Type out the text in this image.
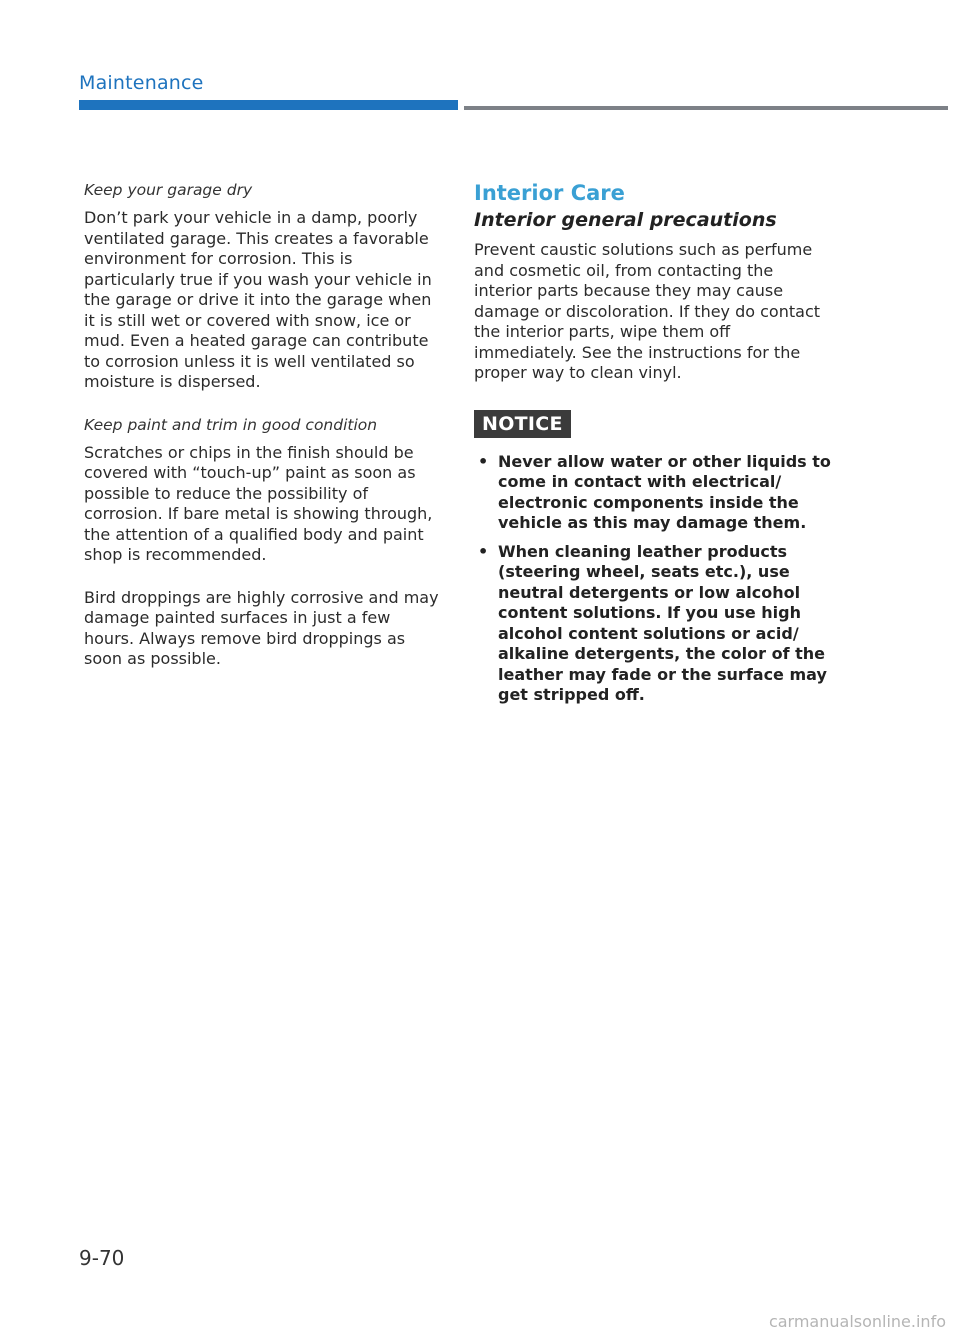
Maintenance
Keep your garage dry

Don’t park your vehicle in a damp, poorly ventilated garage. This creates a favorable environment for corrosion. This is particularly true if you wash your vehicle in the garage or drive it into the garage when it is still wet or covered with snow, ice or mud. Even a heated garage can contribute to corrosion unless it is well ventilated so moisture is dispersed.

Keep paint and trim in good condition

Scratches or chips in the finish should be covered with “touch-up” paint as soon as possible to reduce the possibility of corrosion. If bare metal is showing through, the attention of a qualified body and paint shop is recommended.

Bird droppings are highly corrosive and may damage painted surfaces in just a few hours. Always remove bird droppings as soon as possible.

Interior Care
Interior general precautions

Prevent caustic solutions such as perfume and cosmetic oil, from contacting the interior parts because they may cause damage or discoloration. If they do contact the interior parts, wipe them off immediately. See the instructions for the proper way to clean vinyl.

NOTICE
• Never allow water or other liquids to come in contact with electrical/ electronic components inside the vehicle as this may damage them.
• When cleaning leather products (steering wheel, seats etc.), use neutral detergents or low alcohol content solutions. If you use high alcohol content solutions or acid/ alkaline detergents, the color of the leather may fade or the surface may get stripped off.
9-70
carmanualsonline.info
